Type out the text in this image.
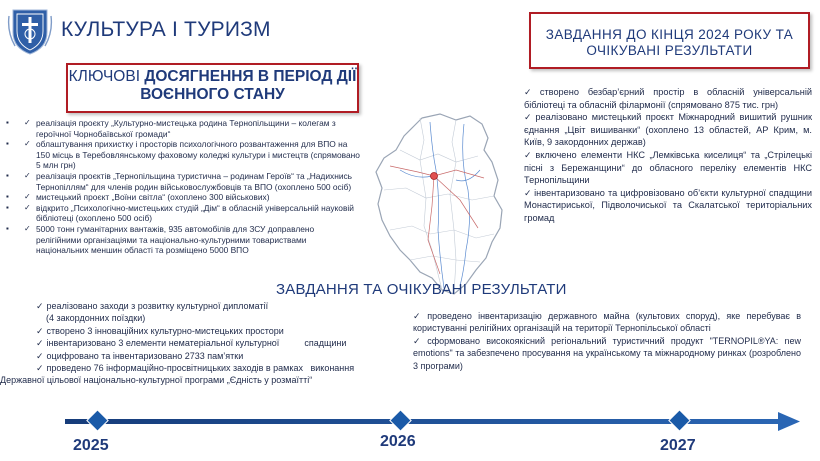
КУЛЬТУРА І ТУРИЗМ
КЛЮЧОВІ ДОСЯГНЕННЯ В ПЕРІОД ДІЇ
ВОЄННОГО СТАНУ
ЗАВДАННЯ ДО КІНЦЯ 2024 РОКУ ТА
ОЧІКУВАНІ РЕЗУЛЬТАТИ
▪ ✓ реалізація проєкту „Культурно-мистецька родина Тернопільщини – колегам з героїчної Чорнобаївської громади“
▪ ✓ облаштування прихистку і просторів психологічного розвантаження для ВПО на 150 місць в Теребовлянському фаховому коледжі культури і мистецтв (спрямовано 5 млн грн)
▪ ✓ реалізація проєктів „Тернопільщина туристична – родинам Героїв“ та „Надихнись Тернопіллям“ для членів родин військовослужбовців та ВПО (охоплено 500 осіб)
▪ ✓ мистецький проєкт „Воїни світла“ (охоплено 300 військових)
▪ ✓ відкрито „Психологічно-мистецьких студій „Дім“ в обласній універсальній науковій бібліотеці (охоплено 500 осіб)
▪ ✓ 5000 тонн гуманітарних вантажів, 935 автомобілів для ЗСУ доправлено релігійними організаціями та національно-культурними товариствами національних меншин області та розміщено 5000 ВПО
✓ створено безбар’єрний простір в обласній універсальній бібліотеці та обласній філармонії (спрямовано 875 тис. грн)
✓ реалізовано мистецький проєкт Міжнародний вишитий рушник єднання „Цвіт вишиванки“ (охоплено 13 областей, АР Крим, м. Київ, 9 закордонних держав)
✓ включено елементи НКС „Лемківська киселиця“ та „Стрілецькі пісні з Бережанщини“ до обласного переліку елементів НКС Тернопільщини
✓ інвентаризовано та цифровізовано об’єкти культурної спадщини Монастириської, Підволочиської та Скалатської територіальних громад
ЗАВДАННЯ ТА ОЧІКУВАНІ РЕЗУЛЬТАТИ
✓ реалізовано заходи з розвитку культурної дипломатії
(4 закордонних поїздки)
✓ створено 3 інноваційних культурно-мистецьких простори
✓ інвентаризовано 3 елементи нематеріальної культурної          спадщини
✓ оцифровано та інвентаризовано 2733 пам’ятки
✓ проведено 76 інформаційно-просвітницьких заходів в рамках   виконання
Державної цільової національно-культурної програми „Єдність у розмаїтті“
✓ проведено інвентаризацію державного майна (культових споруд), яке перебуває в користуванні релігійних організацій на території Тернопільської області
✓ сформовано високоякісний регіональний туристичний продукт "TERNOPIL®YA: new emotions" та забезпечено просування на українському та міжнародному ринках (розроблено 3 програми)
2025	2026	2027
